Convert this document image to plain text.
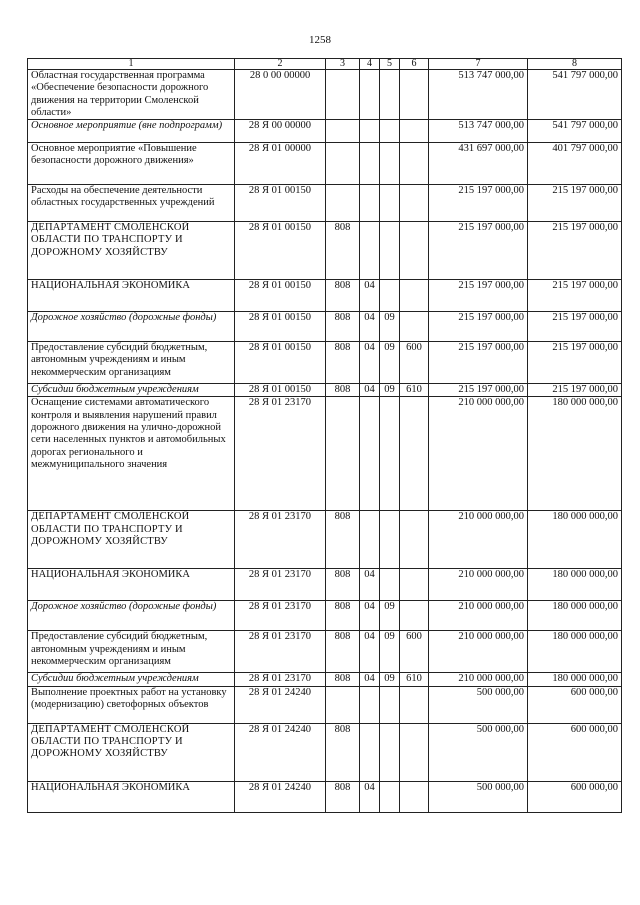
1258
1	2	3	4	5	6	7	8
Областная государственная программа «Обеспечение безопасности дорожного движения на территории Смоленской области»	28 0 00 00000					513 747 000,00	541 797 000,00
Основное мероприятие (вне подпрограмм)	28 Я 00 00000					513 747 000,00	541 797 000,00
Основное мероприятие «Повышение безопасности дорожного движения»	28 Я 01 00000					431 697 000,00	401 797 000,00
Расходы на обеспечение деятельности областных государственных учреждений	28 Я 01 00150					215 197 000,00	215 197 000,00
ДЕПАРТАМЕНТ СМОЛЕНСКОЙ ОБЛАСТИ ПО ТРАНСПОРТУ И ДОРОЖНОМУ ХОЗЯЙСТВУ	28 Я 01 00150	808				215 197 000,00	215 197 000,00
НАЦИОНАЛЬНАЯ ЭКОНОМИКА	28 Я 01 00150	808	04			215 197 000,00	215 197 000,00
Дорожное хозяйство (дорожные фонды)	28 Я 01 00150	808	04	09		215 197 000,00	215 197 000,00
Предоставление субсидий бюджетным, автономным учреждениям и иным некоммерческим организациям	28 Я 01 00150	808	04	09	600	215 197 000,00	215 197 000,00
Субсидии бюджетным учреждениям	28 Я 01 00150	808	04	09	610	215 197 000,00	215 197 000,00
Оснащение системами автоматического контроля и выявления нарушений правил дорожного движения на улично-дорожной сети населенных пунктов и автомобильных дорогах регионального и межмуниципального значения	28 Я 01 23170					210 000 000,00	180 000 000,00
ДЕПАРТАМЕНТ СМОЛЕНСКОЙ ОБЛАСТИ ПО ТРАНСПОРТУ И ДОРОЖНОМУ ХОЗЯЙСТВУ	28 Я 01 23170	808				210 000 000,00	180 000 000,00
НАЦИОНАЛЬНАЯ ЭКОНОМИКА	28 Я 01 23170	808	04			210 000 000,00	180 000 000,00
Дорожное хозяйство (дорожные фонды)	28 Я 01 23170	808	04	09		210 000 000,00	180 000 000,00
Предоставление субсидий бюджетным, автономным учреждениям и иным некоммерческим организациям	28 Я 01 23170	808	04	09	600	210 000 000,00	180 000 000,00
Субсидии бюджетным учреждениям	28 Я 01 23170	808	04	09	610	210 000 000,00	180 000 000,00
Выполнение проектных работ на установку (модернизацию) светофорных объектов	28 Я 01 24240					500 000,00	600 000,00
ДЕПАРТАМЕНТ СМОЛЕНСКОЙ ОБЛАСТИ ПО ТРАНСПОРТУ И ДОРОЖНОМУ ХОЗЯЙСТВУ	28 Я 01 24240	808				500 000,00	600 000,00
НАЦИОНАЛЬНАЯ ЭКОНОМИКА	28 Я 01 24240	808	04			500 000,00	600 000,00
